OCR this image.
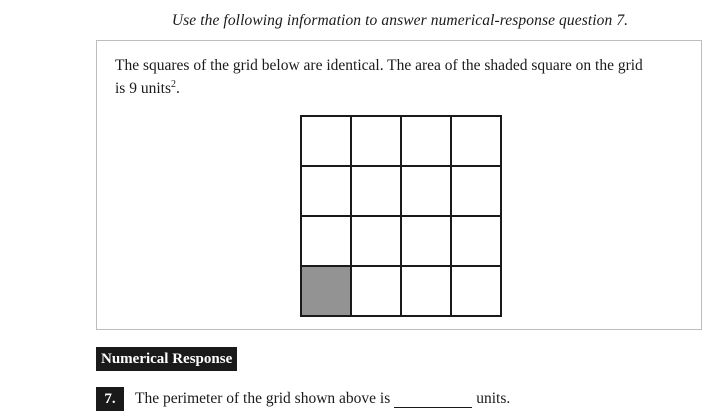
Use the following information to answer numerical-response question 7.
The squares of the grid below are identical. The area of the shaded square on the grid
is 9 units$^2$.
Numerical Response
7.	The perimeter of the grid shown above is	units.
